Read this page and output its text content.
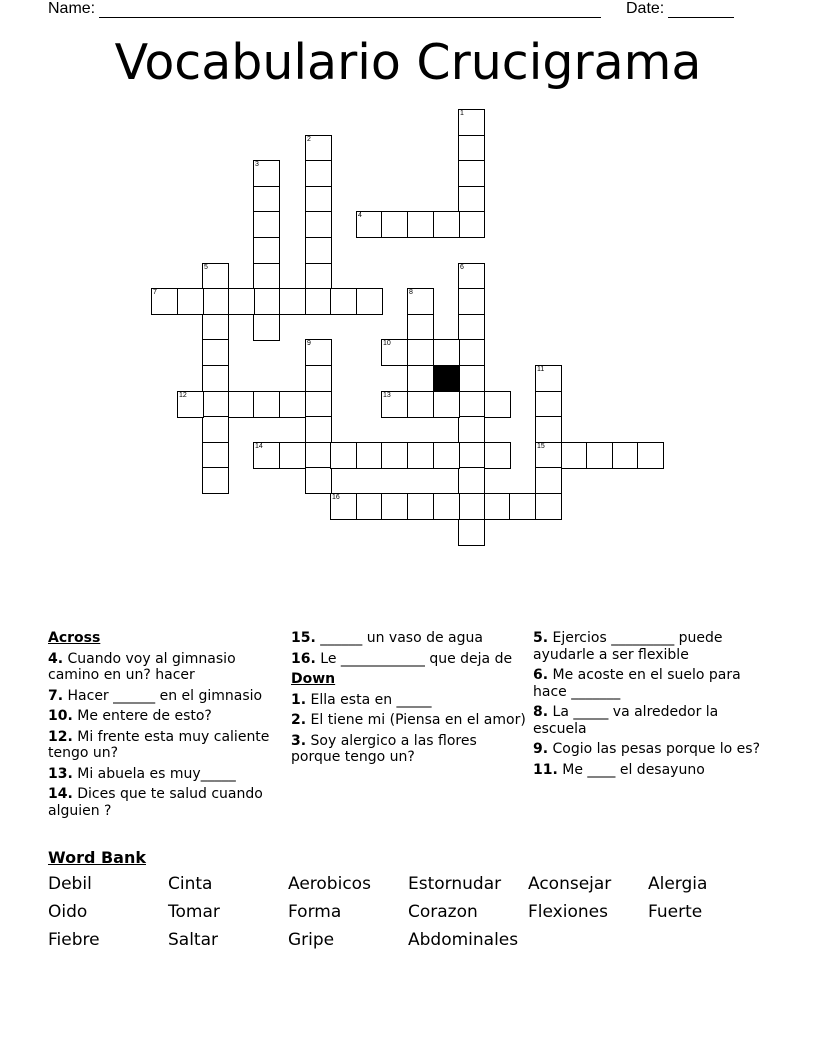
Name:	Date:
Vocabulario Crucigrama
1
2
3
4
5	6
7	8
9	10
11
15
12	13
14
16
Across
4. Cuando voy al gimnasio camino en un? hacer
7. Hacer ______ en el gimnasio
10. Me entere de esto?
12. Mi frente esta muy caliente tengo un?
13. Mi abuela es muy_____
14. Dices que te salud cuando alguien ?
15. ______ un vaso de agua
16. Le ____________ que deja de
Down
1. Ella esta en _____
2. El tiene mi (Piensa en el amor)
3. Soy alergico a las flores porque tengo un?
5. Ejercios _________ puede ayudarle a ser flexible
6. Me acoste en el suelo para hace _______
8. La _____ va alrededor la escuela
9. Cogio las pesas porque lo es?
11. Me ____ el desayuno
Word Bank
Debil	Cinta	Aerobicos	Estornudar	Aconsejar	Alergia
Oido	Tomar	Forma	Corazon	Flexiones	Fuerte
Fiebre	Saltar	Gripe	Abdominales
